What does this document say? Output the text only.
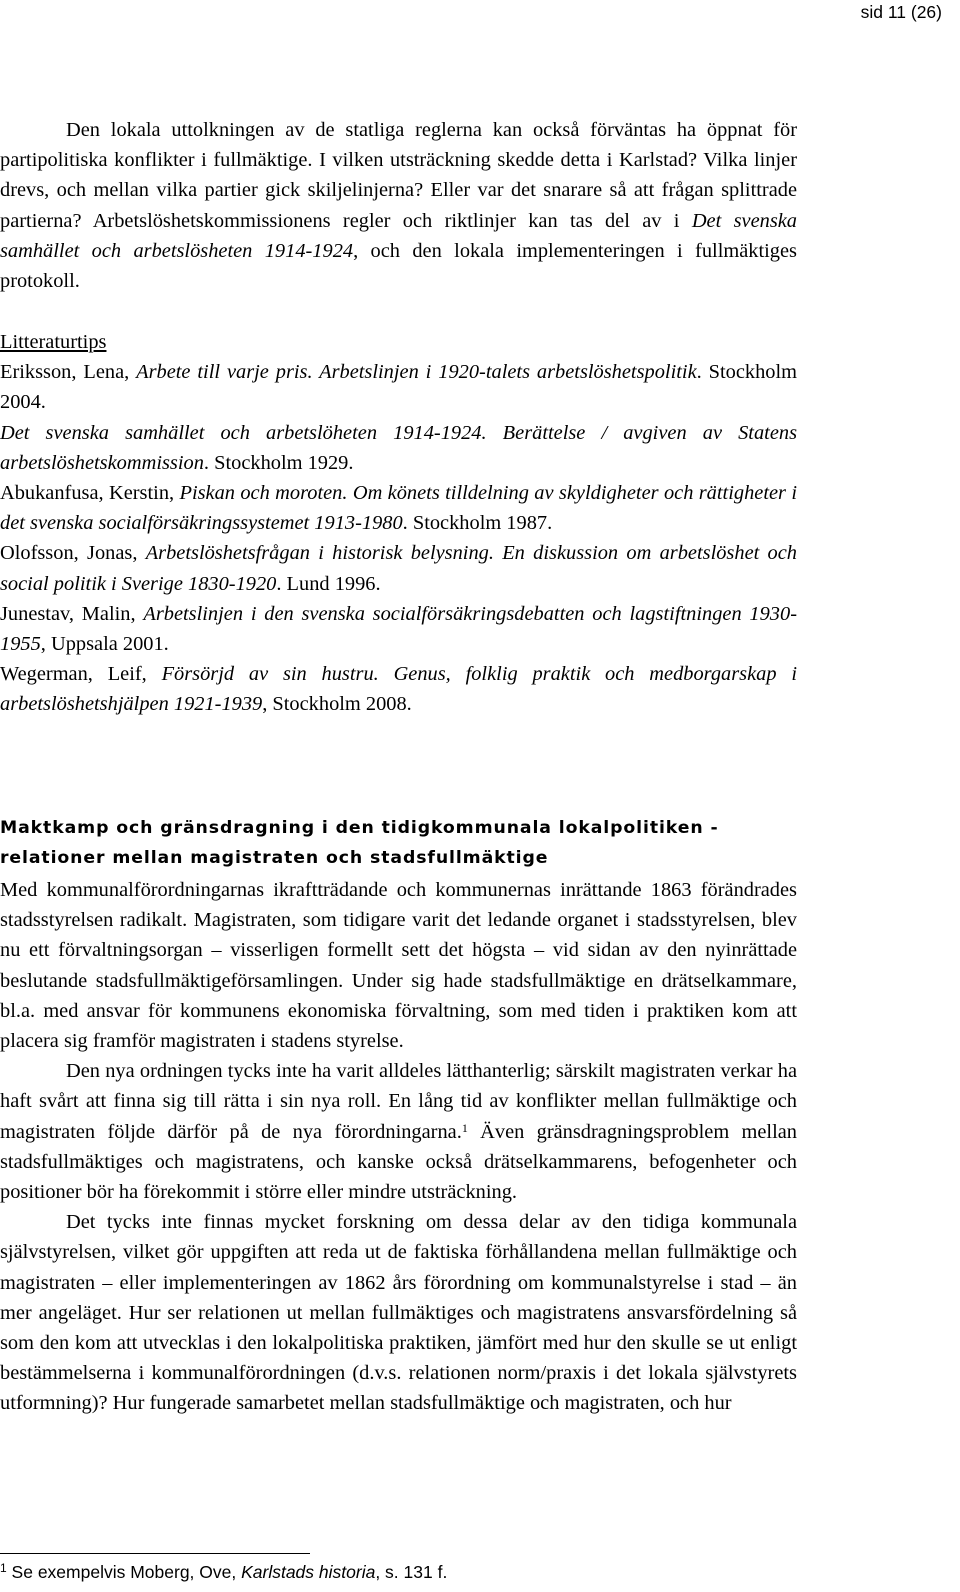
sid 11 (26)

Den lokala uttolkningen av de statliga reglerna kan också förväntas ha öppnat för partipolitiska konflikter i fullmäktige. I vilken utsträckning skedde detta i Karlstad? Vilka linjer drevs, och mellan vilka partier gick skiljelinjerna? Eller var det snarare så att frågan splittrade partierna? Arbetslöshetskommissionens regler och riktlinjer kan tas del av i Det svenska samhället och arbetslösheten 1914-1924, och den lokala implementeringen i fullmäktiges protokoll.

Litteraturtips

Eriksson, Lena, Arbete till varje pris. Arbetslinjen i 1920-talets arbetslöshetspolitik. Stockholm 2004.

Det svenska samhället och arbetslöheten 1914-1924. Berättelse / avgiven av Statens arbetslöshetskommission. Stockholm 1929.

Abukanfusa, Kerstin, Piskan och moroten. Om könets tilldelning av skyldigheter och rättigheter i det svenska socialförsäkringssystemet 1913-1980. Stockholm 1987.

Olofsson, Jonas, Arbetslöshetsfrågan i historisk belysning. En diskussion om arbetslöshet och social politik i Sverige 1830-1920. Lund 1996.

Junestav, Malin, Arbetslinjen i den svenska socialförsäkringsdebatten och lagstiftningen 1930-1955, Uppsala 2001.

Wegerman, Leif, Försörjd av sin hustru. Genus, folklig praktik och medborgarskap i arbetslöshetshjälpen 1921-1939, Stockholm 2008.

Maktkamp och gränsdragning i den tidigkommunala lokalpolitiken - relationer mellan magistraten och stadsfullmäktige

Med kommunalförordningarnas ikraftträdande och kommunernas inrättande 1863 förändrades stadsstyrelsen radikalt. Magistraten, som tidigare varit det ledande organet i stadsstyrelsen, blev nu ett förvaltningsorgan – visserligen formellt sett det högsta – vid sidan av den nyinrättade beslutande stadsfullmäktigeförsamlingen. Under sig hade stadsfullmäktige en drätselkammare, bl.a. med ansvar för kommunens ekonomiska förvaltning, som med tiden i praktiken kom att placera sig framför magistraten i stadens styrelse.

Den nya ordningen tycks inte ha varit alldeles lätthanterlig; särskilt magistraten verkar ha haft svårt att finna sig till rätta i sin nya roll. En lång tid av konflikter mellan fullmäktige och magistraten följde därför på de nya förordningarna.$^1$ Även gränsdragningsproblem mellan stadsfullmäktiges och magistratens, och kanske också drätselkammarens, befogenheter och positioner bör ha förekommit i större eller mindre utsträckning.

Det tycks inte finnas mycket forskning om dessa delar av den tidiga kommunala självstyrelsen, vilket gör uppgiften att reda ut de faktiska förhållandena mellan fullmäktige och magistraten – eller implementeringen av 1862 års förordning om kommunalstyrelse i stad – än mer angeläget. Hur ser relationen ut mellan fullmäktiges och magistratens ansvarsfördelning så som den kom att utvecklas i den lokalpolitiska praktiken, jämfört med hur den skulle se ut enligt bestämmelserna i kommunalförordningen (d.v.s. relationen norm/praxis i det lokala självstyrets utformning)? Hur fungerade samarbetet mellan stadsfullmäktige och magistraten, och hur

$^1$ Se exempelvis Moberg, Ove, Karlstads historia, s. 131 f.
